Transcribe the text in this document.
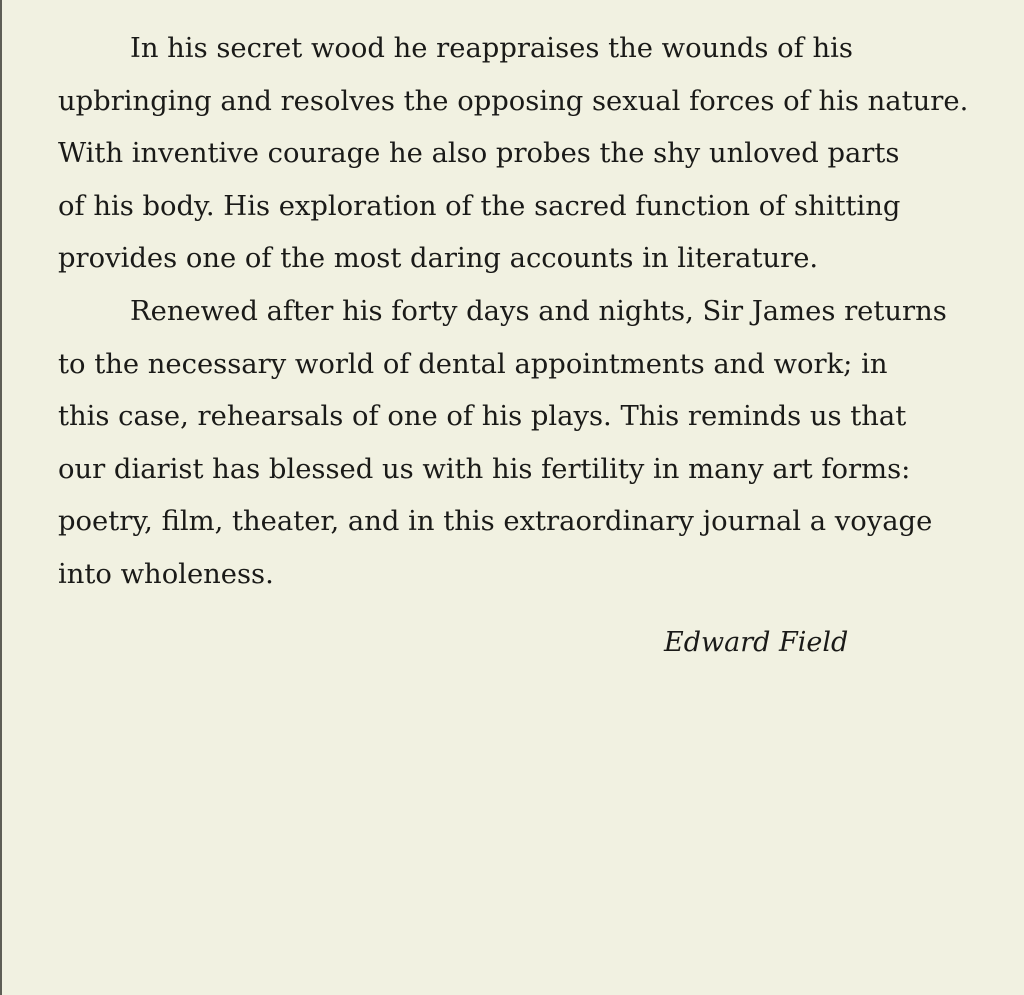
In his secret wood he reappraises the wounds of his
upbringing and resolves the opposing sexual forces of his nature.
With inventive courage he also probes the shy unloved parts
of his body. His exploration of the sacred function of shitting
provides one of the most daring accounts in literature.
Renewed after his forty days and nights, Sir James returns
to the necessary world of dental appointments and work; in
this case, rehearsals of one of his plays. This reminds us that
our diarist has blessed us with his fertility in many art forms:
poetry, film, theater, and in this extraordinary journal a voyage
into wholeness.
Edward Field
